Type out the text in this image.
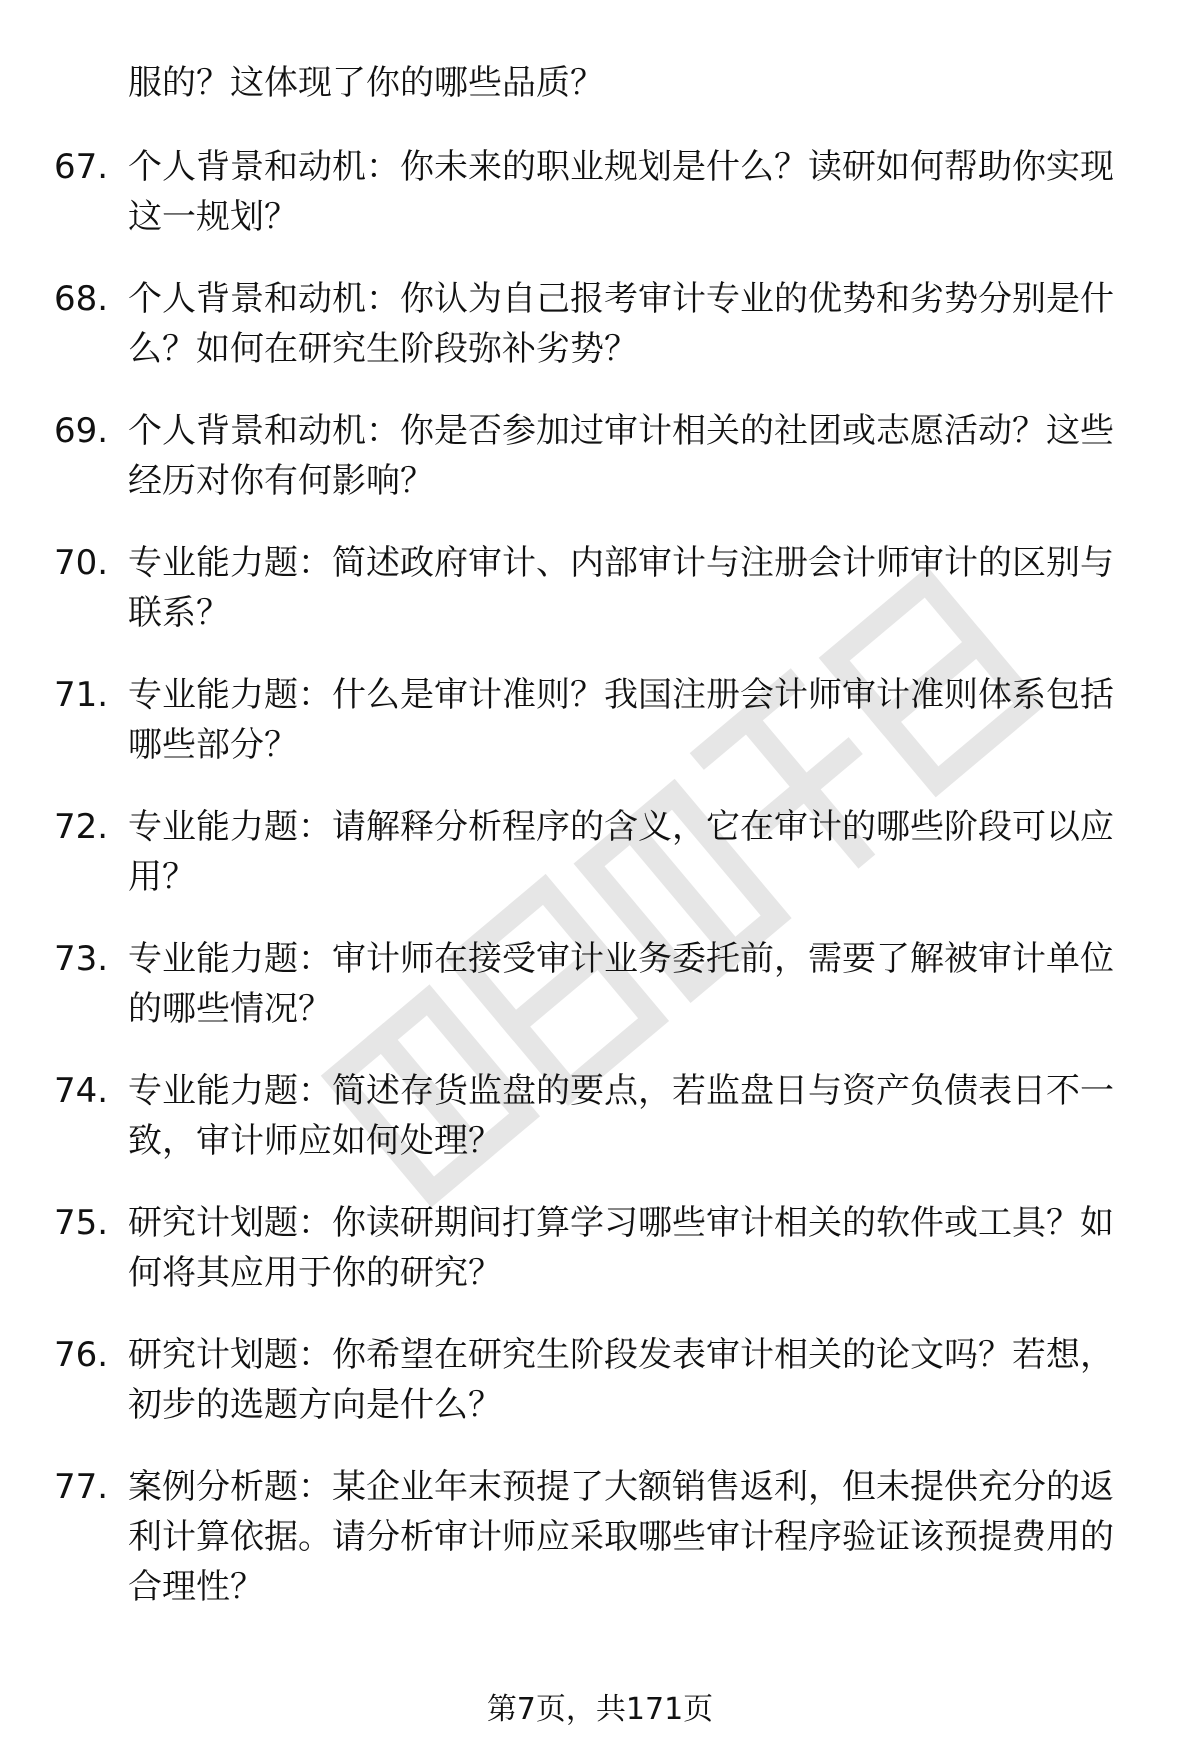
服的？这体现了你的哪些品质？
67. 个人背景和动机：你未来的职业规划是什么？读研如何帮助你实现这一规划？
68. 个人背景和动机：你认为自己报考审计专业的优势和劣势分别是什么？如何在研究生阶段弥补劣势？
69. 个人背景和动机：你是否参加过审计相关的社团或志愿活动？这些经历对你有何影响？
70. 专业能力题：简述政府审计、内部审计与注册会计师审计的区别与联系？
71. 专业能力题：什么是审计准则？我国注册会计师审计准则体系包括哪些部分？
72. 专业能力题：请解释分析程序的含义，它在审计的哪些阶段可以应用？
73. 专业能力题：审计师在接受审计业务委托前，需要了解被审计单位的哪些情况？
74. 专业能力题：简述存货监盘的要点，若监盘日与资产负债表日不一致，审计师应如何处理？
75. 研究计划题：你读研期间打算学习哪些审计相关的软件或工具？如何将其应用于你的研究？
76. 研究计划题：你希望在研究生阶段发表审计相关的论文吗？若想，初步的选题方向是什么？
77. 案例分析题：某企业年末预提了大额销售返利，但未提供充分的返利计算依据。请分析审计师应采取哪些审计程序验证该预提费用的合理性？
第7页，共171页
